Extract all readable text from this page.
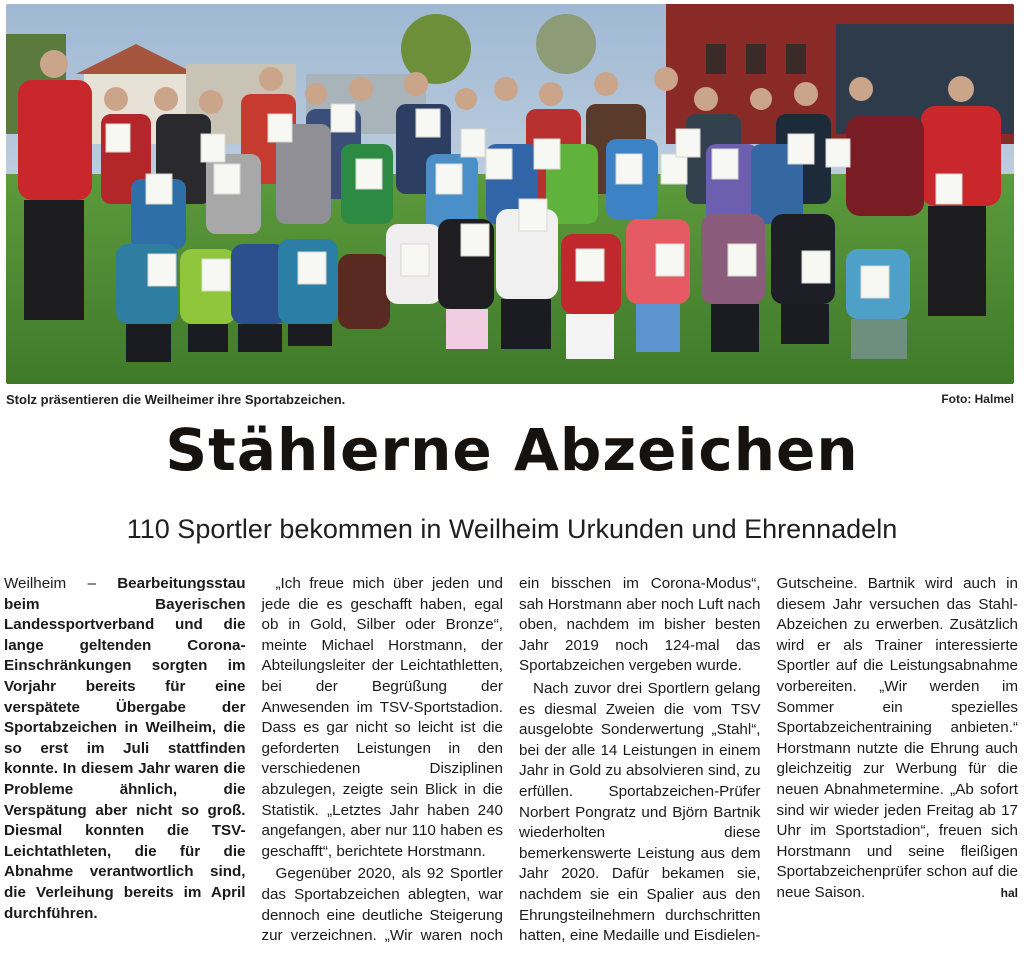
Stolz präsentieren die Weilheimer ihre Sportabzeichen.	Foto: Halmel
Stählerne Abzeichen
110 Sportler bekommen in Weilheim Urkunden und Ehrennadeln

Weilheim – Bearbeitungsstau beim Bayerischen Landessportverband und die lange geltenden Corona-Einschränkungen sorgten im Vorjahr bereits für eine verspätete Übergabe der Sportabzeichen in Weilheim, die so erst im Juli stattfinden konnte. In diesem Jahr waren die Probleme ähnlich, die Verspätung aber nicht so groß. Diesmal konnten die TSV-Leichtathleten, die für die Abnahme verantwortlich sind, die Verleihung bereits im April durchführen.

„Ich freue mich über jeden und jede die es geschafft haben, egal ob in Gold, Silber oder Bronze“, meinte Michael Horstmann, der Abteilungsleiter der Leichtathletten, bei der Begrüßung der Anwesenden im TSV-Sportstadion. Dass es gar nicht so leicht ist die geforderten Leistungen in den verschiedenen Disziplinen abzulegen, zeigte sein Blick in die Statistik. „Letztes Jahr haben 240 angefangen, aber nur 110 haben es geschafft“, berichtete Horstmann.

Gegenüber 2020, als 92 Sportler das Sportabzeichen ablegten, war dennoch eine deutliche Steigerung zur verzeichnen. „Wir waren noch ein bisschen im Corona-Modus“, sah Horstmann aber noch Luft nach oben, nachdem im bisher besten Jahr 2019 noch 124-mal das Sportabzeichen vergeben wurde.

Nach zuvor drei Sportlern gelang es diesmal Zweien die vom TSV ausgelobte Sonderwertung „Stahl“, bei der alle 14 Leistungen in einem Jahr in Gold zu absolvieren sind, zu erfüllen. Sportabzeichen-Prüfer Norbert Pongratz und Björn Bartnik wiederholten diese bemerkenswerte Leistung aus dem Jahr 2020. Dafür bekamen sie, nachdem sie ein Spalier aus den Ehrungsteilnehmern durchschritten hatten, eine Medaille und Eisdielen-Gutscheine. Bartnik wird auch in diesem Jahr versuchen das Stahl-Abzeichen zu erwerben. Zusätzlich wird er als Trainer interessierte Sportler auf die Leistungsabnahme vorbereiten. „Wir werden im Sommer ein spezielles Sportabzeichentraining anbieten.“ Horstmann nutzte die Ehrung auch gleichzeitig zur Werbung für die neuen Abnahmetermine. „Ab sofort sind wir wieder jeden Freitag ab 17 Uhr im Sportstadion“, freuen sich Horstmann und seine fleißigen Sportabzeichenprüfer schon auf die neue Saison.	hal
